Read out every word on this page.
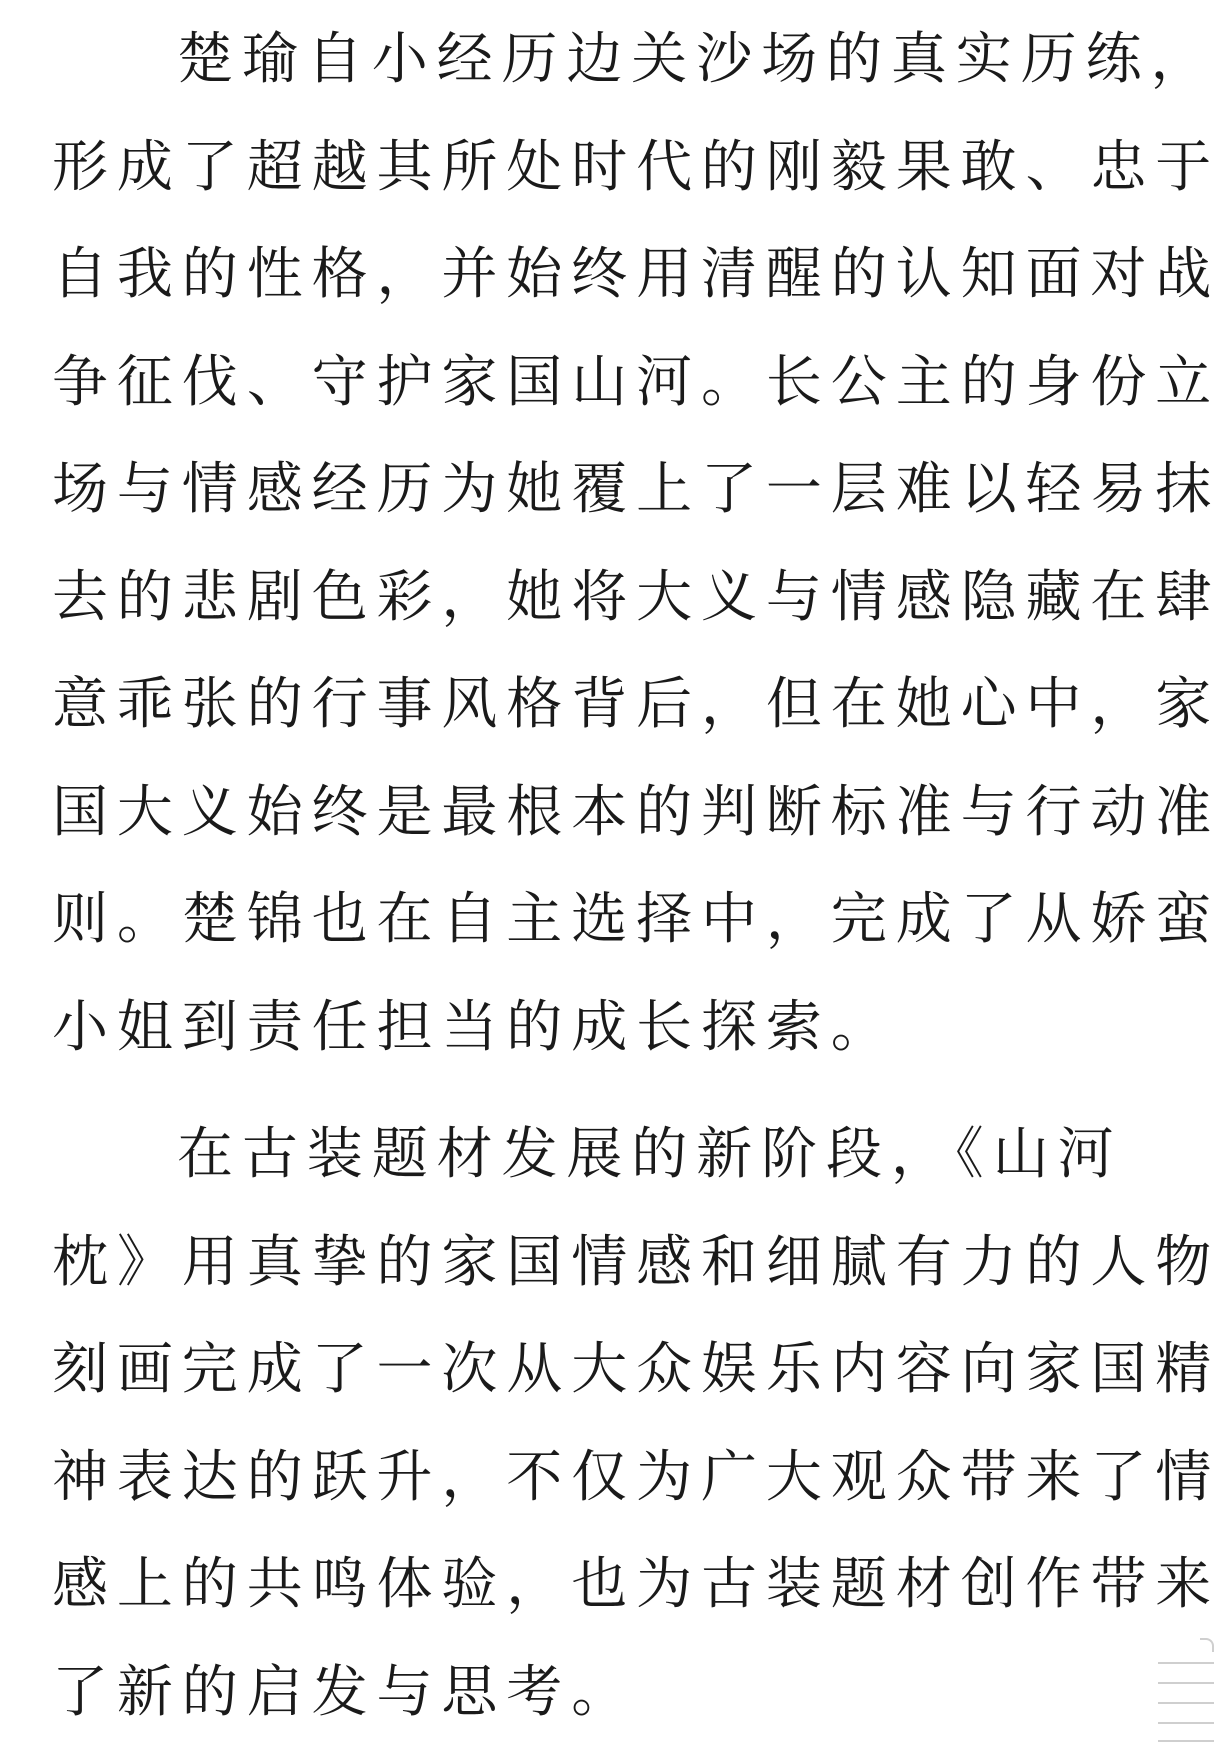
楚瑜自小经历边关沙场的真实历练，
形成了超越其所处时代的刚毅果敢、忠于
自我的性格，并始终用清醒的认知面对战
争征伐、守护家国山河。长公主的身份立
场与情感经历为她覆上了一层难以轻易抹
去的悲剧色彩，她将大义与情感隐藏在肆
意乖张的行事风格背后，但在她心中，家
国大义始终是最根本的判断标准与行动准
则。楚锦也在自主选择中，完成了从娇蛮
小姐到责任担当的成长探索。
在古装题材发展的新阶段，《山河
枕》用真挚的家国情感和细腻有力的人物
刻画完成了一次从大众娱乐内容向家国精
神表达的跃升，不仅为广大观众带来了情
感上的共鸣体验，也为古装题材创作带来
了新的启发与思考。
